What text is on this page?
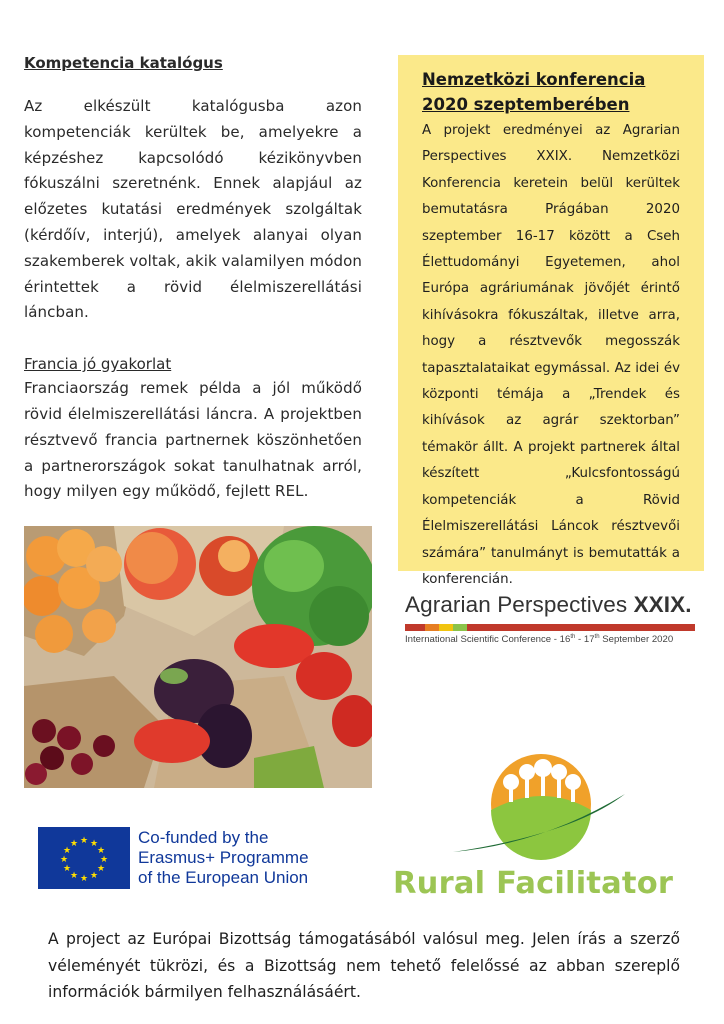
Kompetencia katalógus

Az elkészült katalógusba azon kompetenciák kerültek be, amelyekre a képzéshez kapcsolódó kézikönyvben fókuszálni szeretnénk. Ennek alapjául az előzetes kutatási eredmények szolgáltak (kérdőív, interjú), amelyek alanyai olyan szakemberek voltak, akik valamilyen módon érintettek a rövid élelmiszerellátási láncban.

Francia jó gyakorlat

Franciaország remek példa a jól működő rövid élelmiszerellátási láncra. A projektben résztvevő francia partnernek köszönhetően a partnerországok sokat tanulhatnak arról, hogy milyen egy működő, fejlett REL.

Nemzetközi konferencia 2020 szeptemberében

A projekt eredményei az Agrarian Perspectives XXIX. Nemzetközi Konferencia keretein belül kerültek bemutatásra Prágában 2020 szeptember 16-17 között a Cseh Élettudományi Egyetemen, ahol Európa agráriumának jövőjét érintő kihívásokra fókuszáltak, illetve arra, hogy a résztvevők megosszák tapasztalataikat egymással. Az idei év központi témája a „Trendek és kihívások az agrár szektorban” témakör állt. A projekt partnerek által készített „Kulcsfontosságú kompetenciák a Rövid Élelmiszerellátási Láncok résztvevői számára” tanulmányt is bemutatták a konferencián.

Agrarian Perspectives XXIX.
International Scientific Conference - 16th - 17th September 2020
Rural Facilitator
★ ★
★
★
★
★
★
★
★
★
★
★	Co-funded by the
Erasmus+ Programme
of the European Union

A project az Európai Bizottság támogatásából valósul meg. Jelen írás a szerző véleményét tükrözi, és a Bizottság nem tehető felelőssé az abban szereplő információk bármilyen felhasználásáért.
